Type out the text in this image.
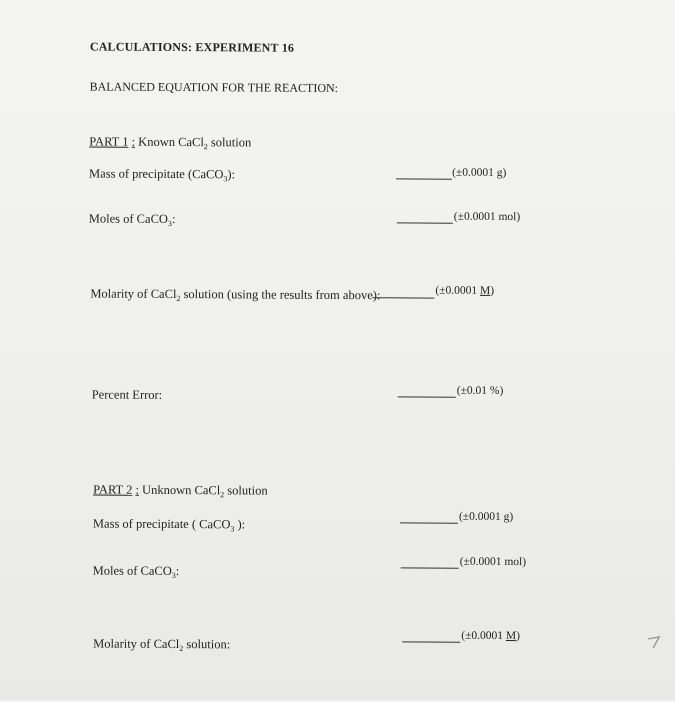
CALCULATIONS: EXPERIMENT 16
BALANCED EQUATION FOR THE REACTION:
PART 1 : Known CaCl$_2$ solution
Mass of precipitate (CaCO$_3$):	(±0.0001 g)
Moles of CaCO$_3$:	(±0.0001 mol)
Molarity of CaCl$_2$ solution (using the results from above):	(±0.0001 M)
Percent Error:	(±0.01 %)
PART 2 : Unknown CaCl$_2$ solution
Mass of precipitate ( CaCO$_3$ ):
(±0.0001 g)
Moles of CaCO$_3$:
(±0.0001 mol)
Molarity of CaCl$_2$ solution:
(±0.0001 M)
